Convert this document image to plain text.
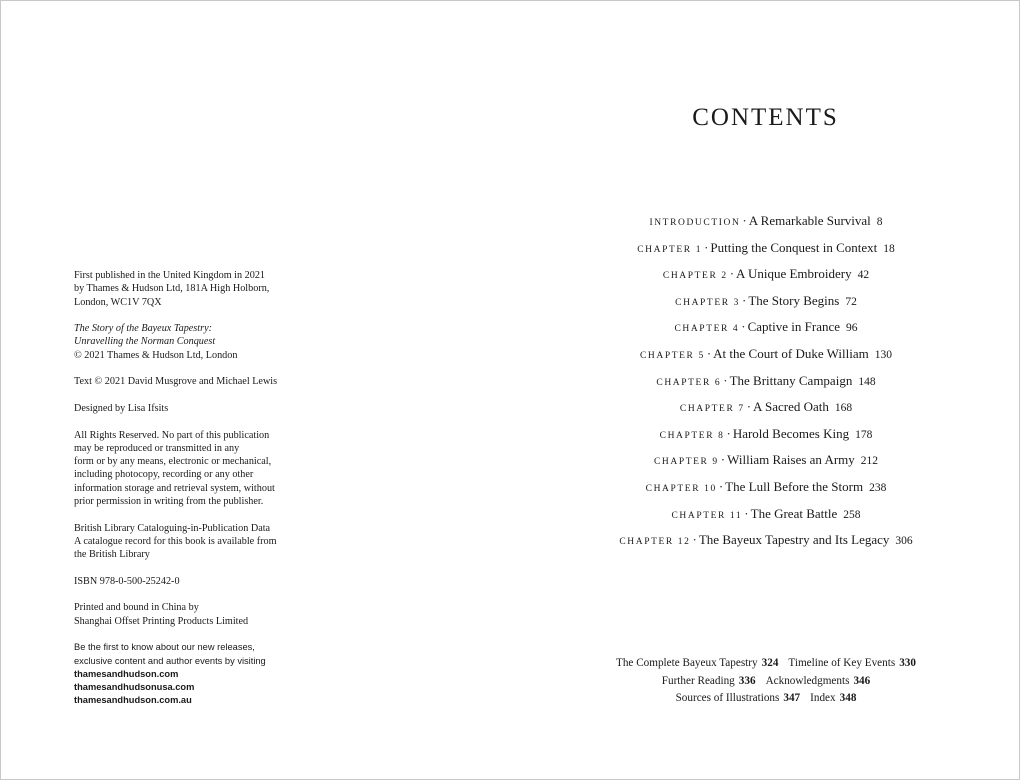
First published in the United Kingdom in 2021
by Thames & Hudson Ltd, 181A High Holborn,
London, WC1V 7QX

The Story of the Bayeux Tapestry:
Unravelling the Norman Conquest
© 2021 Thames & Hudson Ltd, London

Text © 2021 David Musgrove and Michael Lewis

Designed by Lisa Ifsits

All Rights Reserved. No part of this publication
may be reproduced or transmitted in any
form or by any means, electronic or mechanical,
including photocopy, recording or any other
information storage and retrieval system, without
prior permission in writing from the publisher.

British Library Cataloguing-in-Publication Data
A catalogue record for this book is available from
the British Library

ISBN 978-0-500-25242-0

Printed and bound in China by
Shanghai Offset Printing Products Limited

Be the first to know about our new releases,
exclusive content and author events by visiting
thamesandhudson.com
thamesandhudsonusa.com
thamesandhudson.com.au
CONTENTS
INTRODUCTION · A Remarkable Survival 8
CHAPTER 1 · Putting the Conquest in Context 18
CHAPTER 2 · A Unique Embroidery 42
CHAPTER 3 · The Story Begins 72
CHAPTER 4 · Captive in France 96
CHAPTER 5 · At the Court of Duke William 130
CHAPTER 6 · The Brittany Campaign 148
CHAPTER 7 · A Sacred Oath 168
CHAPTER 8 · Harold Becomes King 178
CHAPTER 9 · William Raises an Army 212
CHAPTER 10 · The Lull Before the Storm 238
CHAPTER 11 · The Great Battle 258
CHAPTER 12 · The Bayeux Tapestry and Its Legacy 306
The Complete Bayeux Tapestry 324 Timeline of Key Events 330
Further Reading 336 Acknowledgments 346
Sources of Illustrations 347 Index 348
